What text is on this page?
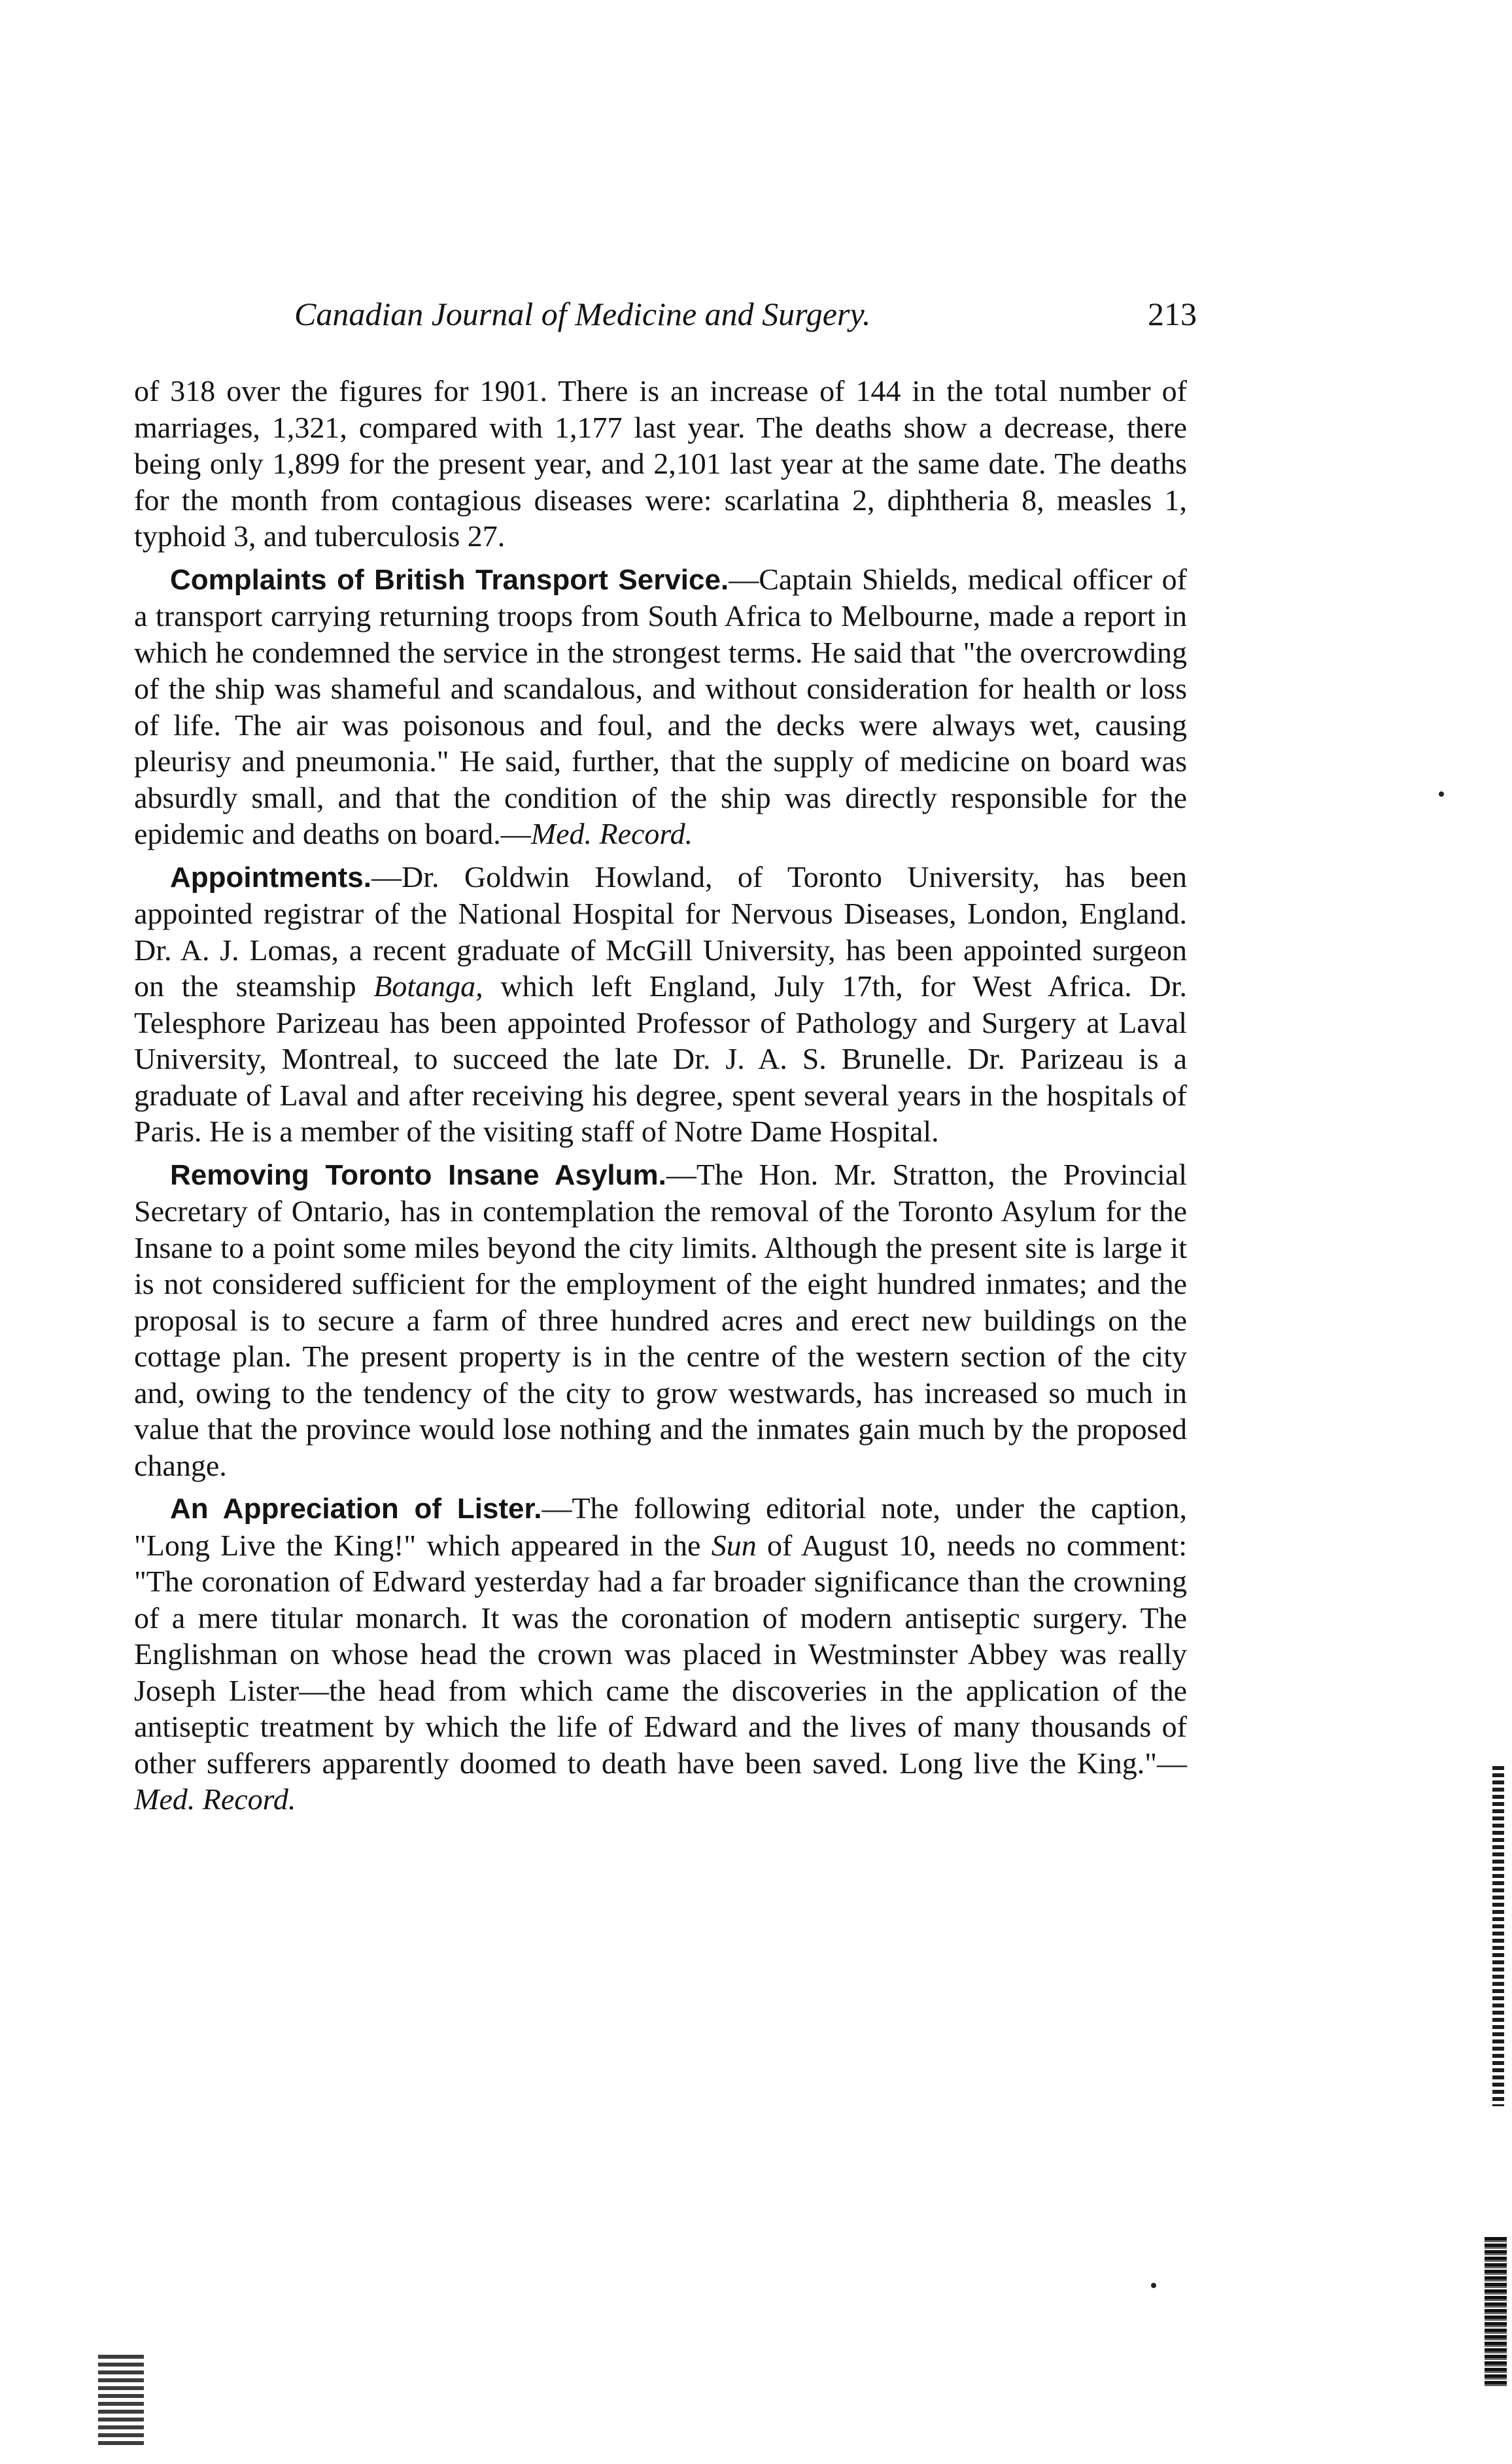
Canadian Journal of Medicine and Surgery.	213

of 318 over the figures for 1901. There is an increase of 144 in the total number of marriages, 1,321, compared with 1,177 last year. The deaths show a decrease, there being only 1,899 for the present year, and 2,101 last year at the same date. The deaths for the month from contagious diseases were: scarlatina 2, diphtheria 8, measles 1, typhoid 3, and tuberculosis 27.

Complaints of British Transport Service.—Captain Shields, medical officer of a transport carrying returning troops from South Africa to Melbourne, made a report in which he condemned the service in the strongest terms. He said that "the overcrowding of the ship was shameful and scandalous, and without consideration for health or loss of life. The air was poisonous and foul, and the decks were always wet, causing pleurisy and pneumonia." He said, further, that the supply of medicine on board was absurdly small, and that the condition of the ship was directly responsible for the epidemic and deaths on board.—Med. Record.

Appointments.—Dr. Goldwin Howland, of Toronto University, has been appointed registrar of the National Hospital for Nervous Diseases, London, England. Dr. A. J. Lomas, a recent graduate of McGill University, has been appointed surgeon on the steamship Botanga, which left England, July 17th, for West Africa. Dr. Telesphore Parizeau has been appointed Professor of Pathology and Surgery at Laval University, Montreal, to succeed the late Dr. J. A. S. Brunelle. Dr. Parizeau is a graduate of Laval and after receiving his degree, spent several years in the hospitals of Paris. He is a member of the visiting staff of Notre Dame Hospital.

Removing Toronto Insane Asylum.—The Hon. Mr. Stratton, the Provincial Secretary of Ontario, has in contemplation the removal of the Toronto Asylum for the Insane to a point some miles beyond the city limits. Although the present site is large it is not considered sufficient for the employment of the eight hundred inmates; and the proposal is to secure a farm of three hundred acres and erect new buildings on the cottage plan. The present property is in the centre of the western section of the city and, owing to the tendency of the city to grow westwards, has increased so much in value that the province would lose nothing and the inmates gain much by the proposed change.

An Appreciation of Lister.—The following editorial note, under the caption, "Long Live the King!" which appeared in the Sun of August 10, needs no comment: "The coronation of Edward yesterday had a far broader significance than the crowning of a mere titular monarch. It was the coronation of modern antiseptic surgery. The Englishman on whose head the crown was placed in Westminster Abbey was really Joseph Lister—the head from which came the discoveries in the application of the antiseptic treatment by which the life of Edward and the lives of many thousands of other sufferers apparently doomed to death have been saved. Long live the King."—Med. Record.
